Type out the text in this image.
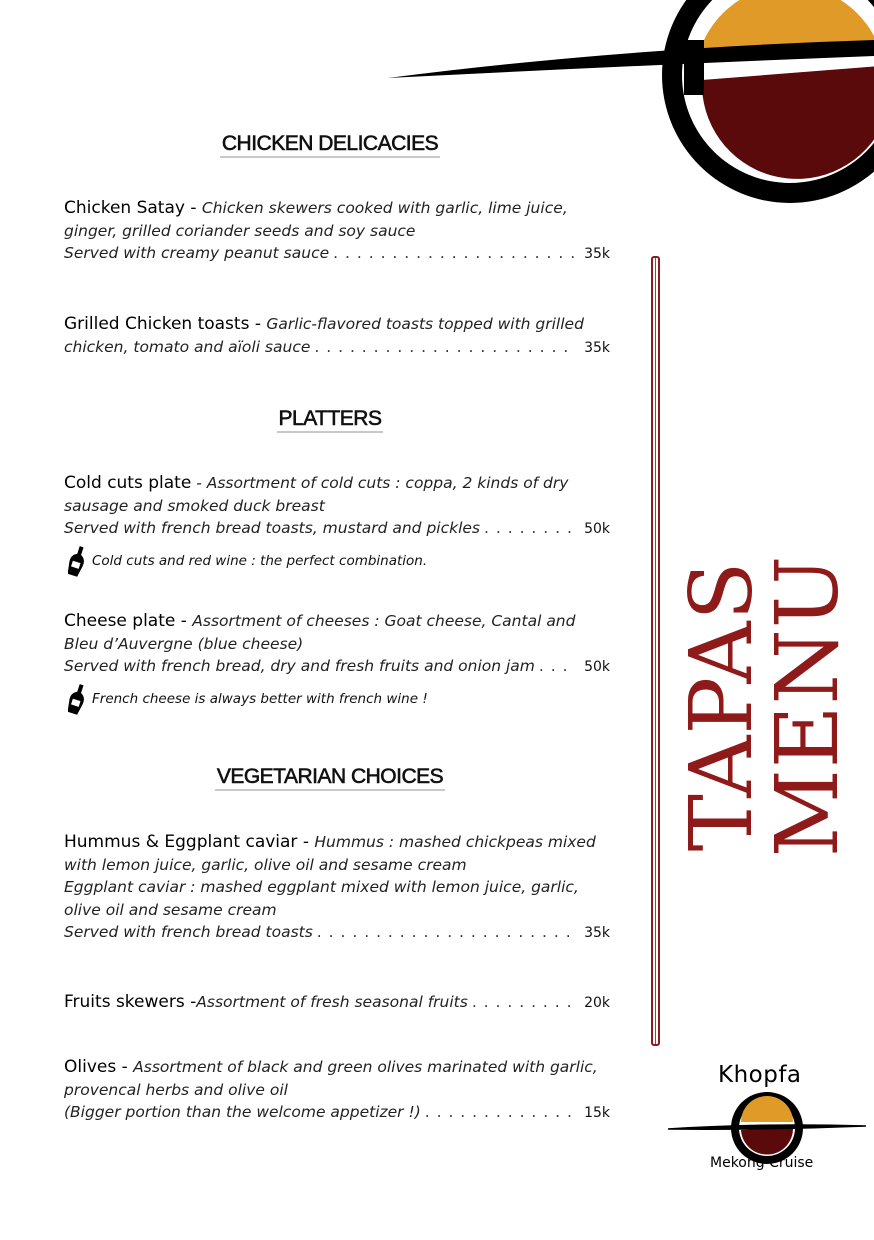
CHICKEN DELICACIES
PLATTERS
VEGETARIAN CHOICES
Chicken Satay - Chicken skewers cooked with garlic, lime juice,
ginger, grilled coriander seeds and soy sauce
Served with creamy peanut sauce . . .	35k
Grilled Chicken toasts - Garlic-flavored toasts topped with grilled
chicken, tomato and aïoli sauce . . .	35k
Cold cuts plate - Assortment of cold cuts : coppa, 2 kinds of dry
sausage and smoked duck breast
Served with french bread toasts, mustard and pickles . . .	50k
Cold cuts and red wine : the perfect combination.
Cheese plate - Assortment of cheeses : Goat cheese, Cantal and
Bleu d’Auvergne (blue cheese)
Served with french bread, dry and fresh fruits and onion jam . . .	50k
French cheese is always better with french wine !
Hummus & Eggplant caviar - Hummus : mashed chickpeas mixed
with lemon juice, garlic, olive oil and sesame cream
Eggplant caviar : mashed eggplant mixed with lemon juice, garlic,
olive oil and sesame cream
Served with french bread toasts . . .	35k
Fruits skewers - Assortment of fresh seasonal fruits . . .	20k
Olives - Assortment of black and green olives marinated with garlic,
provencal herbs and olive oil
(Bigger portion than the welcome appetizer !) . . .	15k
TAPAS MENU
Khopfa
Mekong Cruise
